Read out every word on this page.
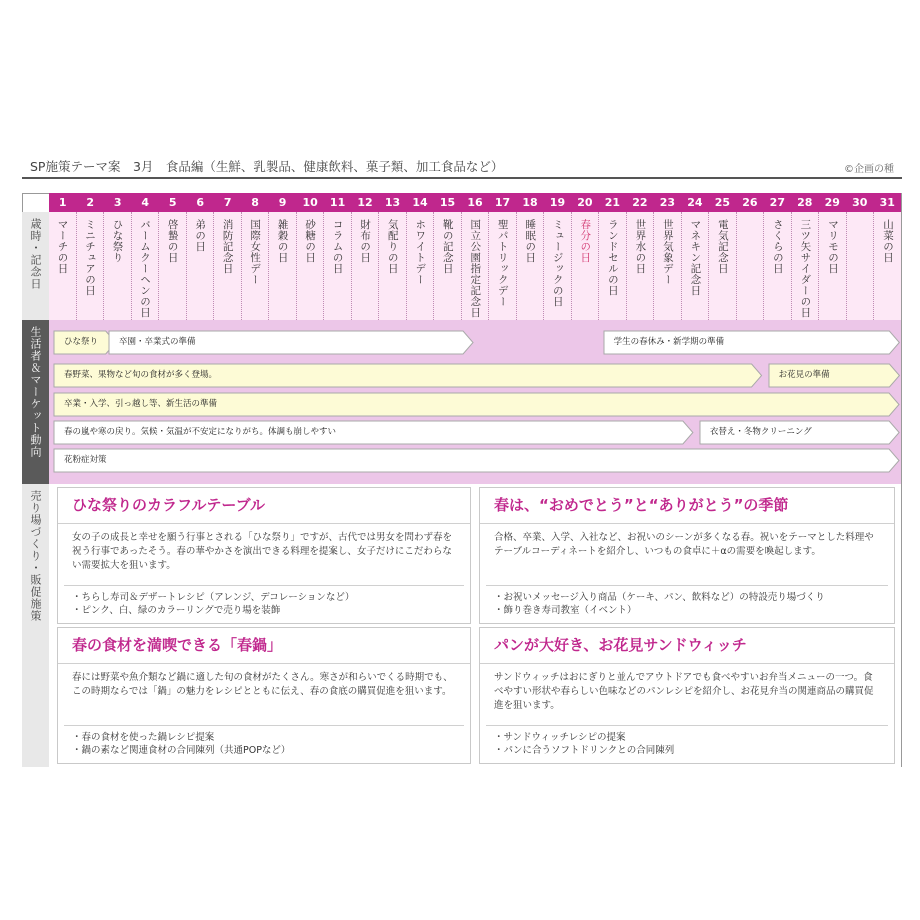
SP施策テーマ案　3月　食品編（生鮮、乳製品、健康飲料、菓子類、加工食品など）	©企画の種
歳時・記念日
生活者＆マーケット動向
売り場づくり・販促施策
1	2	3	4	5	6	7	8	9	10	11	12	13	14	15	16	17	18	19	20	21	22	23	24	25	26	27	28	29	30	31
マーチの日 ミニチュアの日 ひな祭り バームクーヘンの日 啓蟄の日 弟の日 消防記念日 国際女性デー 雑穀の日 砂糖の日 コラムの日 財布の日 気配りの日 ホワイトデー 靴の記念日 国立公園指定記念日 聖パトリックデー 睡眠の日 ミュージックの日 春分の日 ランドセルの日 世界水の日 世界気象デー マネキン記念日 電気記念日	さくらの日 三ツ矢サイダーの日 マリモの日	山菜の日
ひな祭り 卒園・卒業式の準備	学生の春休み・新学期の準備
春野菜、果物など旬の食材が多く登場。	お花見の準備
卒業・入学、引っ越し等、新生活の準備
春の嵐や寒の戻り。気候・気温が不安定になりがち。体調も崩しやすい	衣替え・冬物クリーニング
花粉症対策
ひな祭りのカラフルテーブル
女の子の成長と幸せを願う行事とされる「ひな祭り」ですが、古代では男女を問わず春を祝う行事であったそう。春の華やかさを演出できる料理を提案し、女子だけにこだわらない需要拡大を狙います。
・ちらし寿司＆デザートレシピ（アレンジ、デコレーションなど）
・ピンク、白、緑のカラーリングで売り場を装飾
春は、“おめでとう”と“ありがとう”の季節
合格、卒業、入学、入社など、お祝いのシーンが多くなる春。祝いをテーマとした料理やテーブルコーディネートを紹介し、いつもの食卓に＋αの需要を喚起します。
・お祝いメッセージ入り商品（ケーキ、パン、飲料など）の特設売り場づくり
・飾り巻き寿司教室（イベント）
春の食材を満喫できる「春鍋」
春には野菜や魚介類など鍋に適した旬の食材がたくさん。寒さが和らいでくる時期でも、この時期ならでは「鍋」の魅力をレシピとともに伝え、春の食底の購買促進を狙います。
・春の食材を使った鍋レシピ提案
・鍋の素など関連食材の合同陳列（共通POPなど）
パンが大好き、お花見サンドウィッチ
サンドウィッチはおにぎりと並んでアウトドアでも食べやすいお弁当メニューの一つ。食べやすい形状や春らしい色味などのパンレシピを紹介し、お花見弁当の関連商品の購買促進を狙います。
・サンドウィッチレシピの提案
・パンに合うソフトドリンクとの合同陳列
